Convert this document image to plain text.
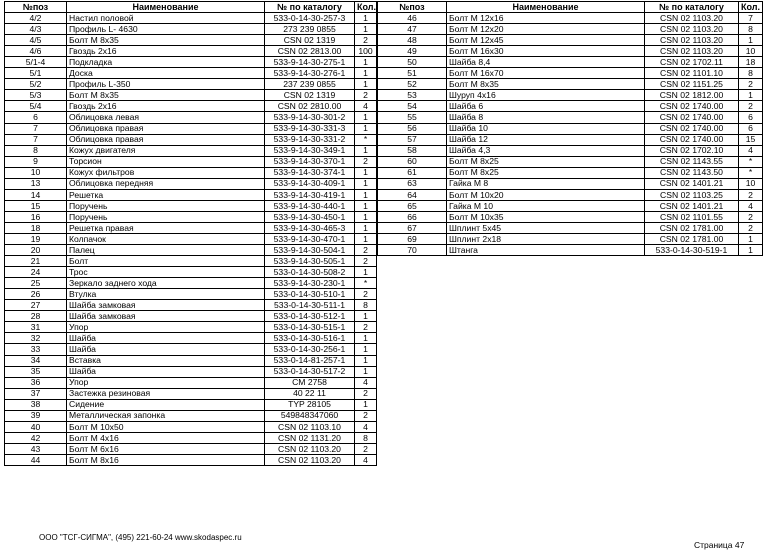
№поз	Наименование	№ по каталогу	Кол.
4/2	Настил половой	533-0-14-30-257-3	1
4/3	Профиль L- 4630	273 239 0855	1
4/5	Болт М 8х35	CSN 02 1319	2
4/6	Гвоздь 2х16	CSN 02 2813.00	100
5/1-4	Подкладка	533-9-14-30-275-1	1
5/1	Доска	533-9-14-30-276-1	1
5/2	Профиль L-350	237 239 0855	1
5/3	Болт М 8х35	CSN 02 1319	2
5/4	Гвоздь 2х16	CSN 02 2810.00	4
6	Облицовка левая	533-9-14-30-301-2	1
7	Облицовка правая	533-9-14-30-331-3	1
7	Облицовка правая	533-9-14-30-331-2	*
8	Кожух двигателя	533-9-14-30-349-1	1
9	Торсион	533-9-14-30-370-1	2
10	Кожух фильтров	533-9-14-30-374-1	1
13	Облицовка передняя	533-9-14-30-409-1	1
14	Решетка	533-9-14-30-419-1	1
15	Поручень	533-9-14-30-440-1	1
16	Поручень	533-9-14-30-450-1	1
18	Решетка правая	533-9-14-30-465-3	1
19	Колпачок	533-9-14-30-470-1	1
20	Палец	533-9-14-30-504-1	2
21	Болт	533-9-14-30-505-1	2
24	Трос	533-0-14-30-508-2	1
25	Зеркало заднего хода	533-9-14-30-230-1	*
26	Втулка	533-0-14-30-510-1	2
27	Шайба замковая	533-0-14-30-511-1	8
28	Шайба замковая	533-0-14-30-512-1	1
31	Упор	533-0-14-30-515-1	2
32	Шайба	533-0-14-30-516-1	1
33	Шайба	533-0-14-30-256-1	1
34	Вставка	533-0-14-81-257-1	1
35	Шайба	533-0-14-30-517-2	1
36	Упор	CM 2758	4
37	Застежка резиновая	40 22 11	2
38	Сидение	TYP 28105	1
39	Металлическая запонка	549848347060	2
40	Болт М 10х50	CSN 02 1103.10	4
42	Болт М 4х16	CSN 02 1131.20	8
43	Болт М 6х16	CSN 02 1103.20	2
44	Болт М 8х16	CSN 02 1103.20	4
№поз	Наименование	№ по каталогу	Кол.
46	Болт М 12х16	CSN 02 1103.20	7
47	Болт М 12х20	CSN 02 1103.20	8
48	Болт М 12х45	CSN 02 1103.20	1
49	Болт М 16х30	CSN 02 1103.20	10
50	Шайба 8,4	CSN 02 1702.11	18
51	Болт М 16х70	CSN 02 1101.10	8
52	Болт М 8х35	CSN 02 1151.25	2
53	Шуруп 4х16	CSN 02 1812.00	1
54	Шайба 6	CSN 02 1740.00	2
55	Шайба 8	CSN 02 1740.00	6
56	Шайба 10	CSN 02 1740.00	6
57	Шайба 12	CSN 02 1740.00	15
58	Шайба 4,3	CSN 02 1702.10	4
60	Болт М 8х25	CSN 02 1143.55	*
61	Болт М 8х25	CSN 02 1143.50	*
63	Гайка М 8	CSN 02 1401.21	10
64	Болт М 10х20	CSN 02 1103.25	2
65	Гайка М 10	CSN 02 1401.21	4
66	Болт М 10х35	CSN 02 1101.55	2
67	Шплинт 5х45	CSN 02 1781.00	2
69	Шплинт 2х18	CSN 02 1781.00	1
70	Штанга	533-0-14-30-519-1	1
ООО "ТСГ-СИГМА", (495) 221-60-24 www.skodaspec.ru
Страница 47
